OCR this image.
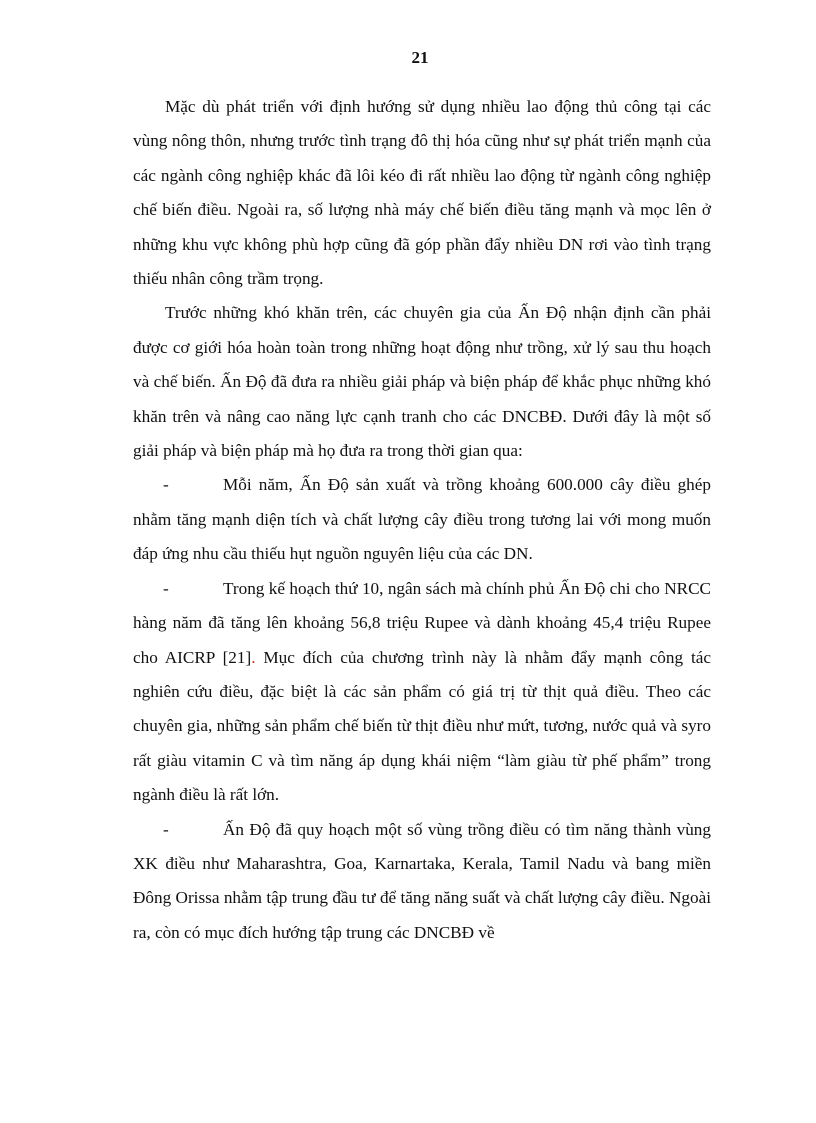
21

Mặc dù phát triển với định hướng sử dụng nhiều lao động thủ công tại các vùng nông thôn, nhưng trước tình trạng đô thị hóa cũng như sự phát triển mạnh của các ngành công nghiệp khác đã lôi kéo đi rất nhiều lao động từ ngành công nghiệp chế biến điều. Ngoài ra, số lượng nhà máy chế biến điều tăng mạnh và mọc lên ở những khu vực không phù hợp cũng đã góp phần đẩy nhiều DN rơi vào tình trạng thiếu nhân công trầm trọng.

Trước những khó khăn trên, các chuyên gia của Ấn Độ nhận định cần phải được cơ giới hóa hoàn toàn trong những hoạt động như trồng, xử lý sau thu hoạch và chế biến. Ấn Độ đã đưa ra nhiều giải pháp và biện pháp để khắc phục những khó khăn trên và nâng cao năng lực cạnh tranh cho các DNCBĐ. Dưới đây là một số giải pháp và biện pháp mà họ đưa ra trong thời gian qua:

-	Mỗi năm, Ấn Độ sản xuất và trồng khoảng 600.000 cây điều ghép nhằm tăng mạnh diện tích và chất lượng cây điều trong tương lai với mong muốn đáp ứng nhu cầu thiếu hụt nguồn nguyên liệu của các DN.

-	Trong kế hoạch thứ 10, ngân sách mà chính phủ Ấn Độ chi cho NRCC hàng năm đã tăng lên khoảng 56,8 triệu Rupee và dành khoảng 45,4 triệu Rupee cho AICRP [21]. Mục đích của chương trình này là nhằm đẩy mạnh công tác nghiên cứu điều, đặc biệt là các sản phẩm có giá trị từ thịt quả điều. Theo các chuyên gia, những sản phẩm chế biến từ thịt điều như mứt, tương, nước quả và syro rất giàu vitamin C và tìm năng áp dụng khái niệm “làm giàu từ phế phẩm” trong ngành điều là rất lớn.

-	Ấn Độ đã quy hoạch một số vùng trồng điều có tìm năng thành vùng XK điều như Maharashtra, Goa, Karnartaka, Kerala, Tamil Nadu và bang miền Đông Orissa nhằm tập trung đầu tư để tăng năng suất và chất lượng cây điều. Ngoài ra, còn có mục đích hướng tập trung các DNCBĐ về
